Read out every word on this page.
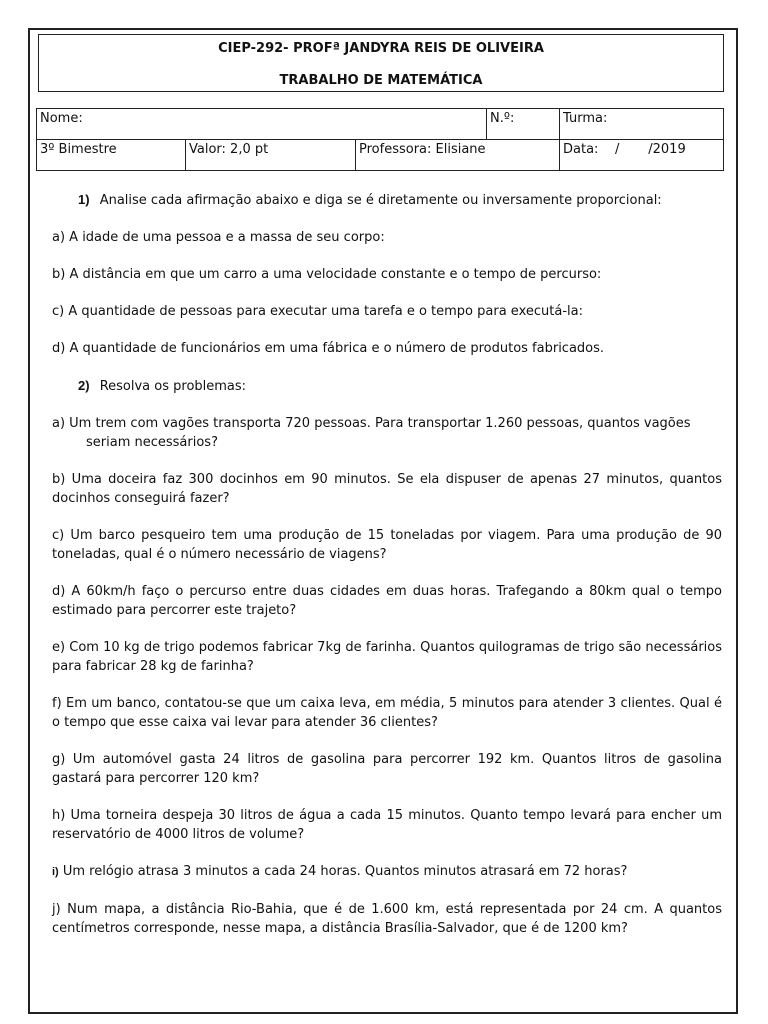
CIEP-292- PROFª JANDYRA REIS DE OLIVEIRA
TRABALHO DE MATEMÁTICA
Nome:			N.º:	Turma:
3º Bimestre	Valor: 2,0 pt	Professora: Elisiane		Data:    /       /2019
1) Analise cada afirmação abaixo e diga se é diretamente ou inversamente proporcional:
a) A idade de uma pessoa e a massa de seu corpo:
b) A distância em que um carro a uma velocidade constante e o tempo de percurso:
c) A quantidade de pessoas para executar uma tarefa e o tempo para executá-la:
d) A quantidade de funcionários em uma fábrica e o número de produtos fabricados.
2) Resolva os problemas:
a) Um trem com vagões transporta 720 pessoas. Para transportar 1.260 pessoas, quantos vagões
seriam necessários?
b) Uma doceira faz 300 docinhos em 90 minutos. Se ela dispuser de apenas 27 minutos, quantos docinhos conseguirá fazer?
c) Um barco pesqueiro tem uma produção de 15 toneladas por viagem. Para uma produção de 90 toneladas, qual é o número necessário de viagens?
d) A 60km/h faço o percurso entre duas cidades em duas horas. Trafegando a 80km qual o tempo estimado para percorrer este trajeto?
e) Com 10 kg de trigo podemos fabricar 7kg de farinha. Quantos quilogramas de trigo são necessários para fabricar 28 kg de farinha?
f) Em um banco, contatou-se que um caixa leva, em média, 5 minutos para atender 3 clientes. Qual é o tempo que esse caixa vai levar para atender 36 clientes?
g) Um automóvel gasta 24 litros de gasolina para percorrer 192 km. Quantos litros de gasolina gastará para percorrer 120 km?
h) Uma torneira despeja 30 litros de água a cada 15 minutos. Quanto tempo levará para encher um reservatório de 4000 litros de volume?
i) Um relógio atrasa 3 minutos a cada 24 horas. Quantos minutos atrasará em 72 horas?
j) Num mapa, a distância Rio-Bahia, que é de 1.600 km, está representada por 24 cm. A quantos centímetros corresponde, nesse mapa, a distância Brasília-Salvador, que é de 1200 km?
